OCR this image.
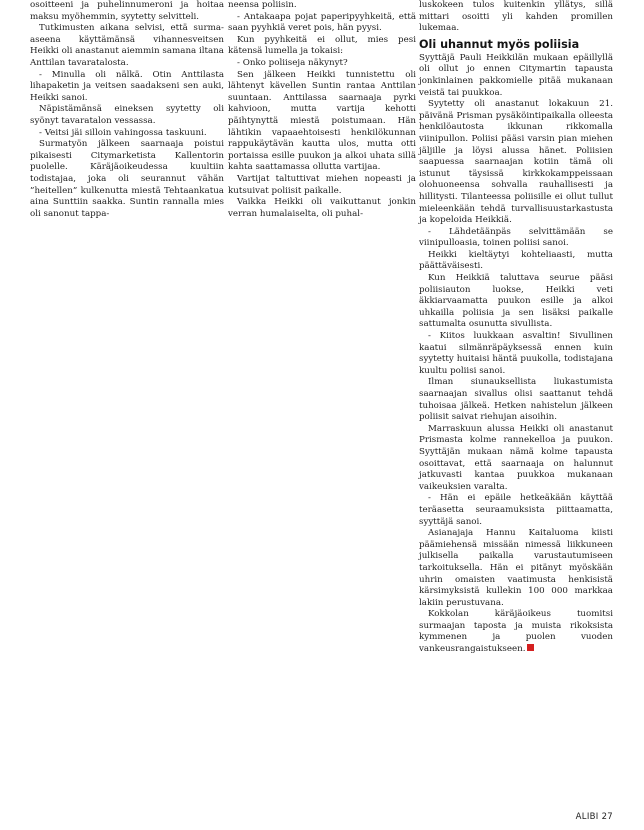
osoitteeni ja puhelinnumeroni ja hoitaa maksu myöhemmin, syytetty selvitteli.

Tutkimusten aikana selvisi, että surma-aseena käyttämänsä vihannesveitsen Heikki oli anastanut aiemmin samana iltana Anttilan tavaratalosta.

- Minulla oli nälkä. Otin Anttilasta lihapaketin ja veitsen saadakseni sen auki, Heikki sanoi.

Näpistämänsä eineksen syytetty oli syönyt tavaratalon vessassa.

- Veitsi jäi silloin vahingossa taskuuni.

Surmatyön jälkeen saarnaaja poistui pikaisesti Citymarketista Kallentorin puolelle. Käräjäoikeudessa kuultiin todistajaa, joka oli seurannut vähän ”heitellen” kulkenutta miestä Tehtaankatua aina Sunttiin saakka. Suntin rannalla mies oli sanonut tappa-

neensa poliisin.

- Antakaapa pojat paperipyyhkeitä, että saan pyyhkiä veret pois, hän pyysi.

Kun pyyhkeitä ei ollut, mies pesi kätensä lumella ja tokaisi:

- Onko poliiseja näkynyt?

Sen jälkeen Heikki tunnistettu oli lähtenyt kävellen Suntin rantaa Anttilan suuntaan. Anttilassa saarnaaja pyrki kahvioon, mutta vartija kehotti päihtynyttä miestä poistumaan. Hän lähtikin vapaaehtoisesti henkilökunnan rappukäytävän kautta ulos, mutta otti portaissa esille puukon ja alkoi uhata sillä kahta saattamassa ollutta vartijaa.

Vartijat taltuttivat miehen nopeasti ja kutsuivat poliisit paikalle.

Vaikka Heikki oli vaikuttanut jonkin verran humalaiselta, oli puhal-

luskokeen tulos kuitenkin yllätys, sillä mittari osoitti yli kahden promillen lukemaa.

Oli uhannut myös poliisia

Syyttäjä Pauli Heikkilän mukaan epäillyllä oli ollut jo ennen Citymartin tapausta jonkinlainen pakkomielle pitää mukanaan veistä tai puukkoa.

Syytetty oli anastanut lokakuun 21. päivänä Prisman pysäköintipaikalla olleesta henkilöautosta ikkunan rikkomalla viinipullon. Poliisi pääsi varsin pian miehen jäljille ja löysi alussa hänet. Poliisien saapuessa saarnaajan kotiin tämä oli istunut täysissä kirkkokamppeissaan olohuoneensa sohvalla rauhallisesti ja hillitysti. Tilanteessa poliisille ei ollut tullut mieleenkään tehdä turvallisuustarkastusta ja kopeloida Heikkiä.

- Lähdetäänpäs selvittämään se viinipulloasia, toinen poliisi sanoi.

Heikki kieltäytyi kohteliaasti, mutta päättäväisesti.

Kun Heikkiä taluttava seurue pääsi poliisiauton luokse, Heikki veti äkkiarvaamatta puukon esille ja alkoi uhkailla poliisia ja sen lisäksi paikalle sattumalta osunutta sivullista.

- Kiitos luukkaan asvaltin! Sivullinen kaatui silmänräpäyksessä ennen kuin syytetty huitaisi häntä puukolla, todistajana kuultu poliisi sanoi.

Ilman siunauksellista liukastumista saarnaajan sivallus olisi saattanut tehdä tuhoisaa jälkeä. Hetken nahistelun jälkeen poliisit saivat riehujan aisoihin.

Marraskuun alussa Heikki oli anastanut Prismasta kolme rannekelloa ja puukon. Syyttäjän mukaan nämä kolme tapausta osoittavat, että saarnaaja on halunnut jatkuvasti kantaa puukkoa mukanaan vaikeuksien varalta.

- Hän ei epäile hetkeäkään käyttää teräasetta seuraamuksista piittaamatta, syyttäjä sanoi.

Asianajaja Hannu Kaitaluoma kiisti päämiehensä missään nimessä liikkuneen julkisella paikalla varustautumiseen tarkoituksella. Hän ei pitänyt myöskään uhrin omaisten vaatimusta henkisistä kärsimyksistä kullekin 100 000 markkaa lakiin perustuvana.

Kokkolan käräjäoikeus tuomitsi surmaajan taposta ja muista rikoksista kymmenen ja puolen vuoden vankeusrangaistukseen.

ALIBI 27
